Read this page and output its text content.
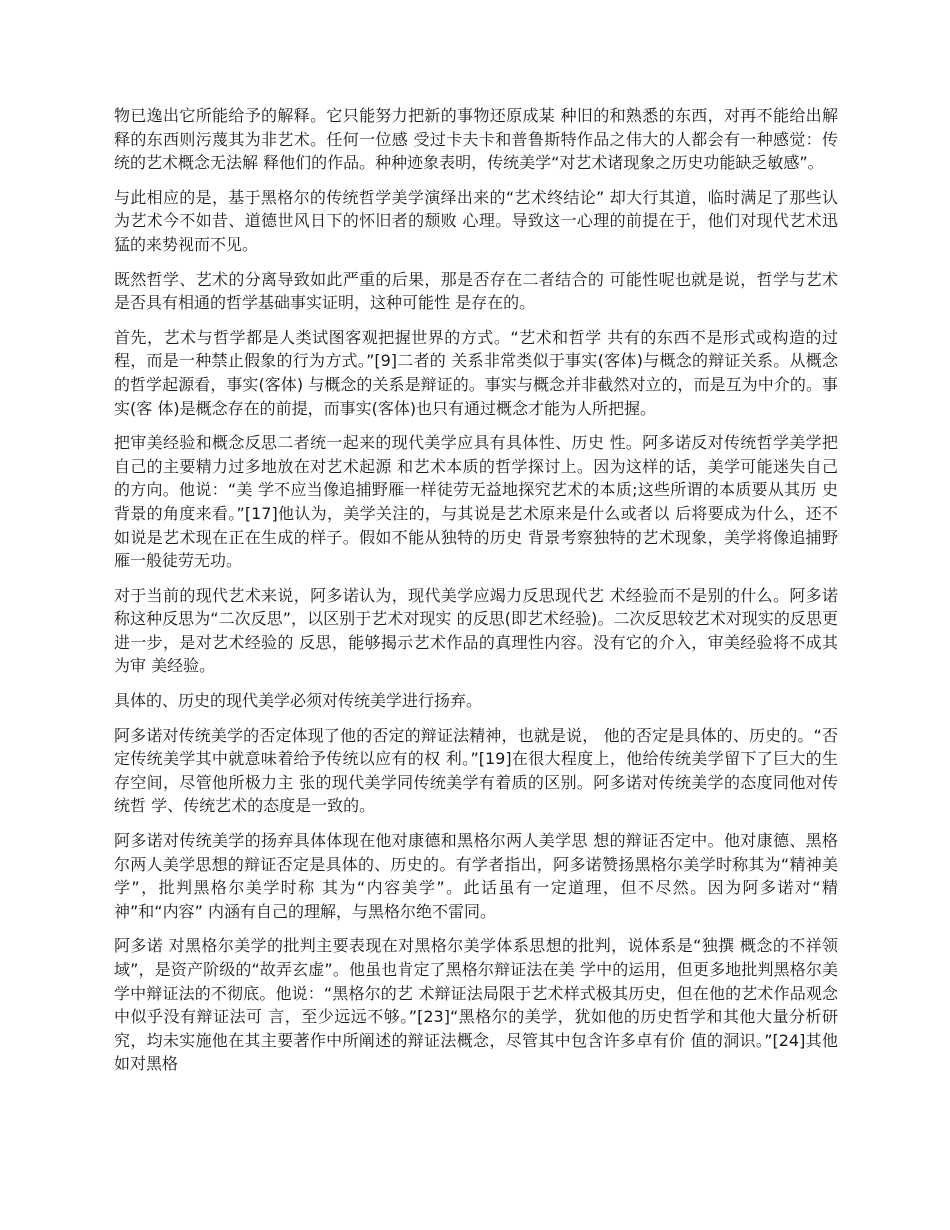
物已逸出它所能给予的解释。它只能努力把新的事物还原成某 种旧的和熟悉的东西，对再不能给出解释的东西则污蔑其为非艺术。任何一位感 受过卡夫卡和普鲁斯特作品之伟大的人都会有一种感觉：传统的艺术概念无法解 释他们的作品。种种迹象表明，传统美学“对艺术诸现象之历史功能缺乏敏感”。

与此相应的是，基于黑格尔的传统哲学美学演绎出来的“艺术终结论” 却大行其道，临时满足了那些认为艺术今不如昔、道德世风日下的怀旧者的颓败 心理。导致这一心理的前提在于，他们对现代艺术迅猛的来势视而不见。

既然哲学、艺术的分离导致如此严重的后果，那是否存在二者结合的 可能性呢也就是说，哲学与艺术是否具有相通的哲学基础事实证明，这种可能性 是存在的。

首先，艺术与哲学都是人类试图客观把握世界的方式。“艺术和哲学 共有的东西不是形式或构造的过程，而是一种禁止假象的行为方式。”[9]二者的 关系非常类似于事实(客体)与概念的辩证关系。从概念的哲学起源看，事实(客体) 与概念的关系是辩证的。事实与概念并非截然对立的，而是互为中介的。事实(客 体)是概念存在的前提，而事实(客体)也只有通过概念才能为人所把握。

把审美经验和概念反思二者统一起来的现代美学应具有具体性、历史 性。阿多诺反对传统哲学美学把自己的主要精力过多地放在对艺术起源 和艺术本质的哲学探讨上。因为这样的话，美学可能迷失自己的方向。他说：“美 学不应当像追捕野雁一样徒劳无益地探究艺术的本质;这些所谓的本质要从其历 史背景的角度来看。”[17]他认为，美学关注的，与其说是艺术原来是什么或者以 后将要成为什么，还不如说是艺术现在正在生成的样子。假如不能从独特的历史 背景考察独特的艺术现象，美学将像追捕野雁一般徒劳无功。

对于当前的现代艺术来说，阿多诺认为，现代美学应竭力反思现代艺 术经验而不是别的什么。阿多诺称这种反思为“二次反思”，以区别于艺术对现实 的反思(即艺术经验)。二次反思较艺术对现实的反思更进一步，是对艺术经验的 反思，能够揭示艺术作品的真理性内容。没有它的介入，审美经验将不成其为审 美经验。

具体的、历史的现代美学必须对传统美学进行扬弃。

阿多诺对传统美学的否定体现了他的否定的辩证法精神，也就是说， 他的否定是具体的、历史的。“否定传统美学其中就意味着给予传统以应有的权 利。”[19]在很大程度上，他给传统美学留下了巨大的生存空间，尽管他所极力主 张的现代美学同传统美学有着质的区别。阿多诺对传统美学的态度同他对传统哲 学、传统艺术的态度是一致的。

阿多诺对传统美学的扬弃具体体现在他对康德和黑格尔两人美学思 想的辩证否定中。他对康德、黑格尔两人美学思想的辩证否定是具体的、历史的。有学者指出，阿多诺赞扬黑格尔美学时称其为“精神美学”，批判黑格尔美学时称 其为“内容美学”。此话虽有一定道理，但不尽然。因为阿多诺对“精神”和“内容” 内涵有自己的理解，与黑格尔绝不雷同。

阿多诺 对黑格尔美学的批判主要表现在对黑格尔美学体系思想的批判，说体系是“独撰 概念的不祥领域”，是资产阶级的“故弄玄虚”。他虽也肯定了黑格尔辩证法在美 学中的运用，但更多地批判黑格尔美学中辩证法的不彻底。他说：“黑格尔的艺 术辩证法局限于艺术样式极其历史，但在他的艺术作品观念中似乎没有辩证法可 言，至少远远不够。”[23]“黑格尔的美学，犹如他的历史哲学和其他大量分析研 究，均未实施他在其主要著作中所阐述的辩证法概念，尽管其中包含许多卓有价 值的洞识。”[24]其他如对黑格
